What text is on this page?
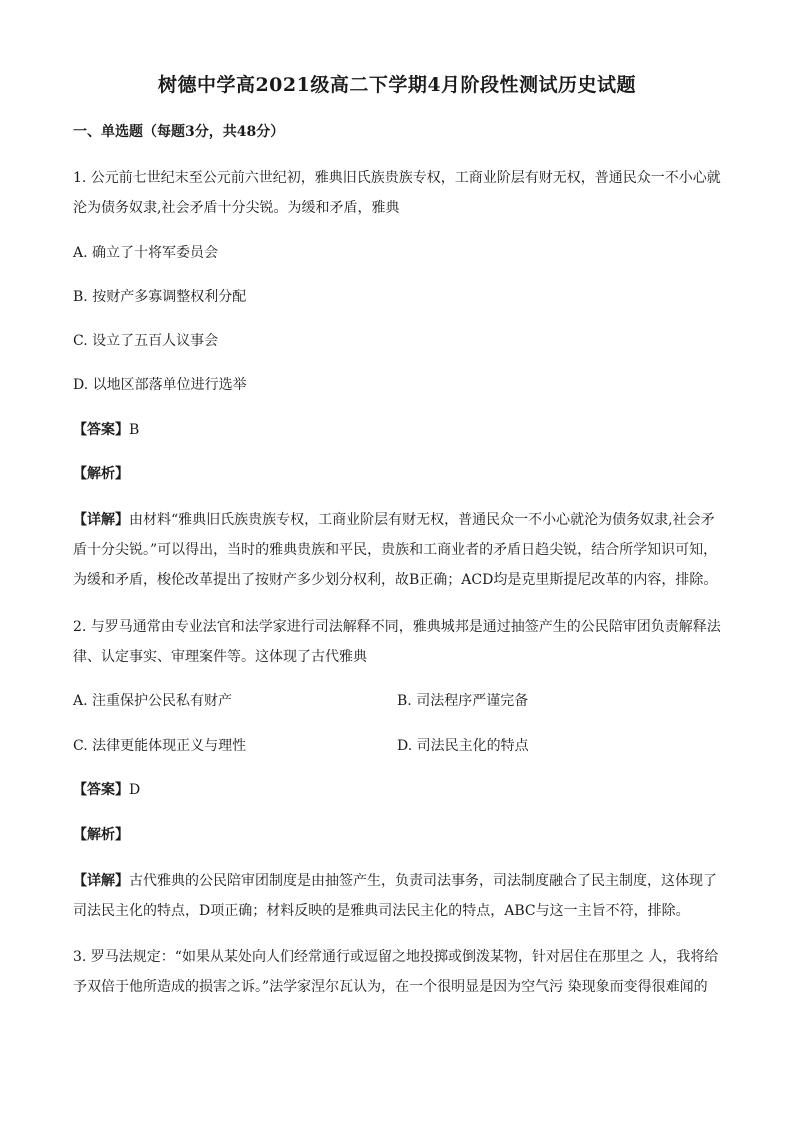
树德中学高2021级高二下学期4月阶段性测试历史试题
一、单选题（每题3分，共48分）
1. 公元前七世纪末至公元前六世纪初，雅典旧氏族贵族专权，工商业阶层有财无权，普通民众一不小心就
沦为债务奴隶,社会矛盾十分尖锐。为缓和矛盾，雅典
A. 确立了十将军委员会
B. 按财产多寡调整权利分配
C. 设立了五百人议事会
D. 以地区部落单位进行选举
【答案】B
【解析】
【详解】由材料“雅典旧氏族贵族专权，工商业阶层有财无权，普通民众一不小心就沦为债务奴隶,社会矛
盾十分尖锐。”可以得出，当时的雅典贵族和平民，贵族和工商业者的矛盾日趋尖锐，结合所学知识可知，
为缓和矛盾，梭伦改革提出了按财产多少划分权利，故B正确；ACD均是克里斯提尼改革的内容，排除。
2. 与罗马通常由专业法官和法学家进行司法解释不同，雅典城邦是通过抽签产生的公民陪审团负责解释法
律、认定事实、审理案件等。这体现了古代雅典
A. 注重保护公民私有财产	B. 司法程序严谨完备
C. 法律更能体现正义与理性	D. 司法民主化的特点
【答案】D
【解析】
【详解】古代雅典的公民陪审团制度是由抽签产生，负责司法事务，司法制度融合了民主制度，这体现了
司法民主化的特点，D项正确；材料反映的是雅典司法民主化的特点，ABC与这一主旨不符，排除。
3. 罗马法规定：“如果从某处向人们经常通行或逗留之地投掷或倒泼某物，针对居住在那里之 人，我将给
予双倍于他所造成的损害之诉。”法学家涅尔瓦认为，在一个很明显是因为空气污 染现象而变得很难闻的
